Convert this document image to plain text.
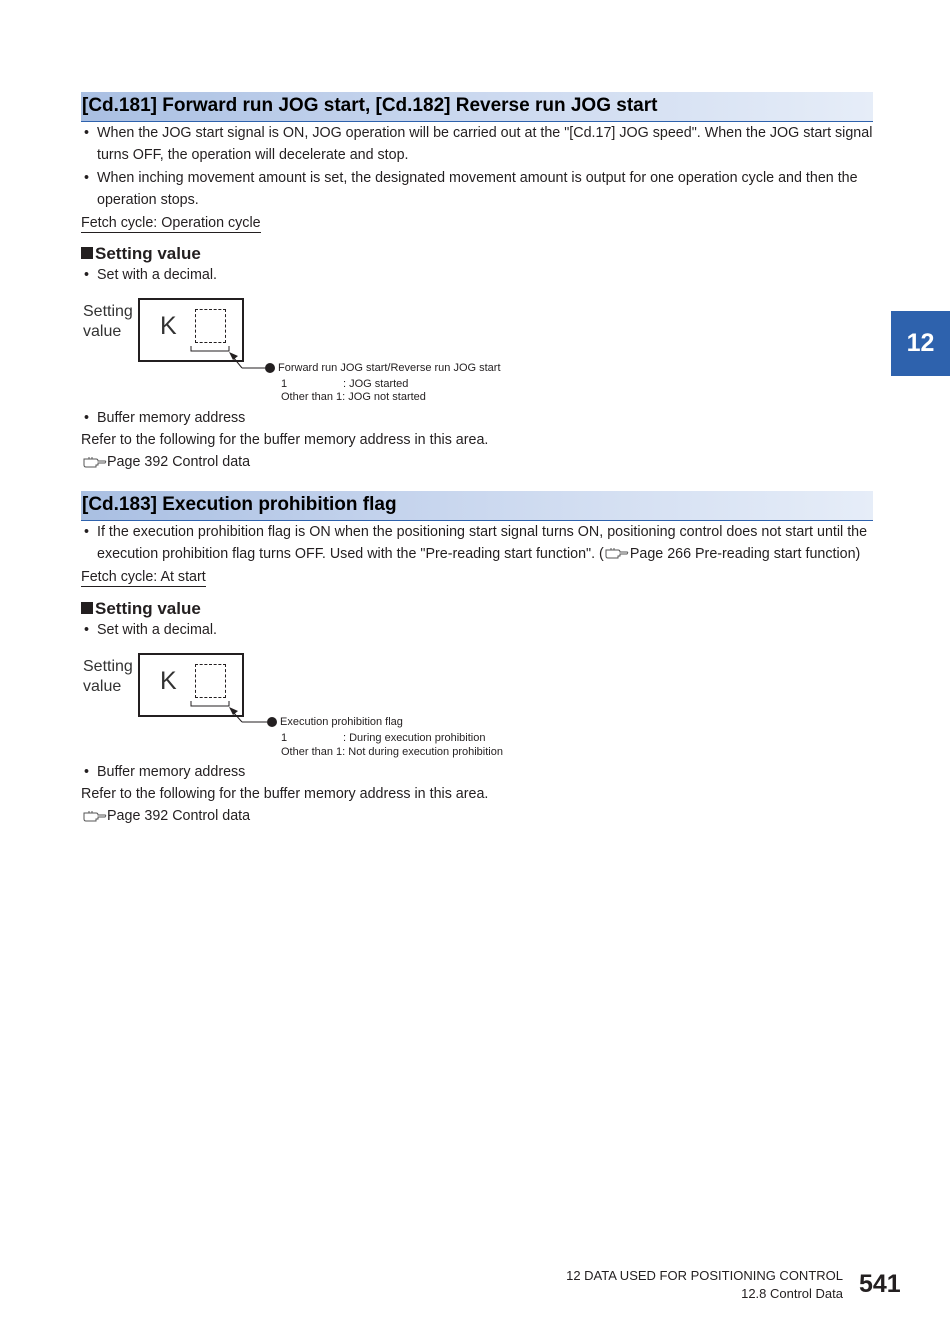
[Cd.181] Forward run JOG start, [Cd.182] Reverse run JOG start
• When the JOG start signal is ON, JOG operation will be carried out at the "[Cd.17] JOG speed". When the JOG start signal turns OFF, the operation will decelerate and stop.
• When inching movement amount is set, the designated movement amount is output for one operation cycle and then the operation stops.
Fetch cycle: Operation cycle
Setting value
• Set with a decimal.
Setting
value	K
Forward run JOG start/Reverse run JOG start
1	: JOG started
Other than 1: JOG not started
• Buffer memory address
Refer to the following for the buffer memory address in this area.
Page 392 Control data
[Cd.183] Execution prohibition flag
• If the execution prohibition flag is ON when the positioning start signal turns ON, positioning control does not start until the
execution prohibition flag turns OFF. Used with the "Pre-reading start function". ( Page 266 Pre-reading start function)
Fetch cycle: At start
Setting value
• Set with a decimal.
Setting
value	K
Execution prohibition flag
1	: During execution prohibition
Other than 1: Not during execution prohibition
• Buffer memory address
Refer to the following for the buffer memory address in this area.
Page 392 Control data
12
12 DATA USED FOR POSITIONING CONTROL
12.8 Control Data 541
